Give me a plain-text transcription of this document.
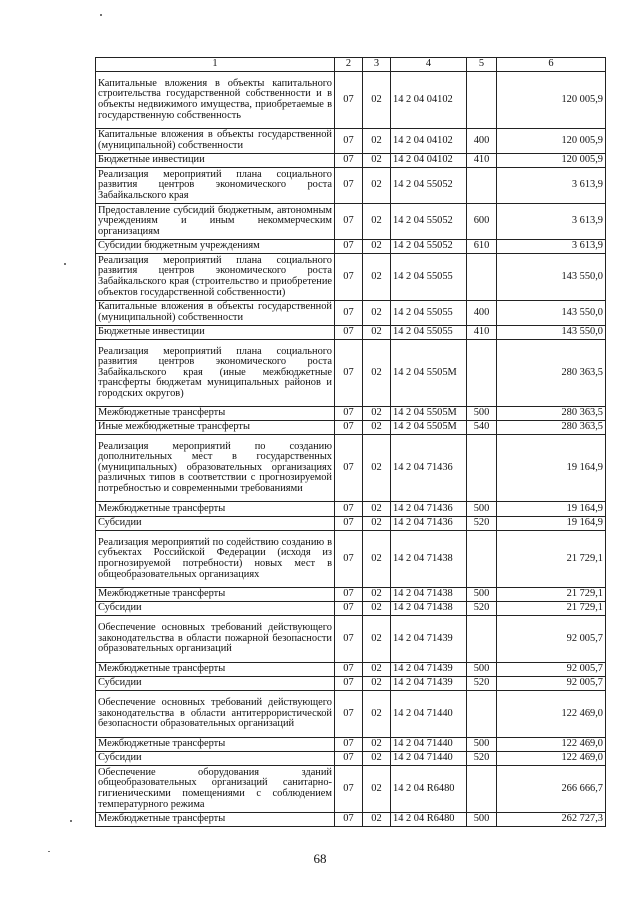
1	2	3	4	5	6
Капитальные вложения в объекты капитального строительства государственной собственности и в объекты недвижимого имущества, приобретаемые в государственную собственность	07	02	14 2 04 04102		120 005,9
Капитальные вложения в объекты государственной (муниципальной) собственности	07	02	14 2 04 04102	400	120 005,9
Бюджетные инвестиции	07	02	14 2 04 04102	410	120 005,9
Реализация мероприятий плана социального развития центров экономического роста Забайкальского края	07	02	14 2 04 55052		3 613,9
Предоставление субсидий бюджетным, автономным учреждениям и иным некоммерческим организациям	07	02	14 2 04 55052	600	3 613,9
Субсидии бюджетным учреждениям	07	02	14 2 04 55052	610	3 613,9
Реализация мероприятий плана социального развития центров экономического роста Забайкальского края (строительство и приобретение объектов государственной собственности)	07	02	14 2 04 55055		143 550,0
Капитальные вложения в объекты государственной (муниципальной) собственности	07	02	14 2 04 55055	400	143 550,0
Бюджетные инвестиции	07	02	14 2 04 55055	410	143 550,0
Реализация мероприятий плана социального развития центров экономического роста Забайкальского края (иные межбюджетные трансферты бюджетам муниципальных районов и городских округов)	07	02	14 2 04 5505М		280 363,5
Межбюджетные трансферты	07	02	14 2 04 5505М	500	280 363,5
Иные межбюджетные трансферты	07	02	14 2 04 5505М	540	280 363,5
Реализация мероприятий по созданию дополнительных мест в государственных (муниципальных) образовательных организациях различных типов в соответствии с прогнозируемой потребностью и современными требованиями	07	02	14 2 04 71436		19 164,9
Межбюджетные трансферты	07	02	14 2 04 71436	500	19 164,9
Субсидии	07	02	14 2 04 71436	520	19 164,9
Реализация мероприятий по содействию созданию в субъектах Российской Федерации (исходя из прогнозируемой потребности) новых мест в общеобразовательных организациях	07	02	14 2 04 71438		21 729,1
Межбюджетные трансферты	07	02	14 2 04 71438	500	21 729,1
Субсидии	07	02	14 2 04 71438	520	21 729,1
Обеспечение основных требований действующего законодательства в области пожарной безопасности образовательных организаций	07	02	14 2 04 71439		92 005,7
Межбюджетные трансферты	07	02	14 2 04 71439	500	92 005,7
Субсидии	07	02	14 2 04 71439	520	92 005,7
Обеспечение основных требований действующего законодательства в области антитеррористической безопасности образовательных организаций	07	02	14 2 04 71440		122 469,0
Межбюджетные трансферты	07	02	14 2 04 71440	500	122 469,0
Субсидии	07	02	14 2 04 71440	520	122 469,0
Обеспечение оборудования зданий общеобразовательных организаций санитарно-гигиеническими помещениями с соблюдением температурного режима	07	02	14 2 04 R6480		266 666,7
Межбюджетные трансферты	07	02	14 2 04 R6480	500	262 727,3
68
